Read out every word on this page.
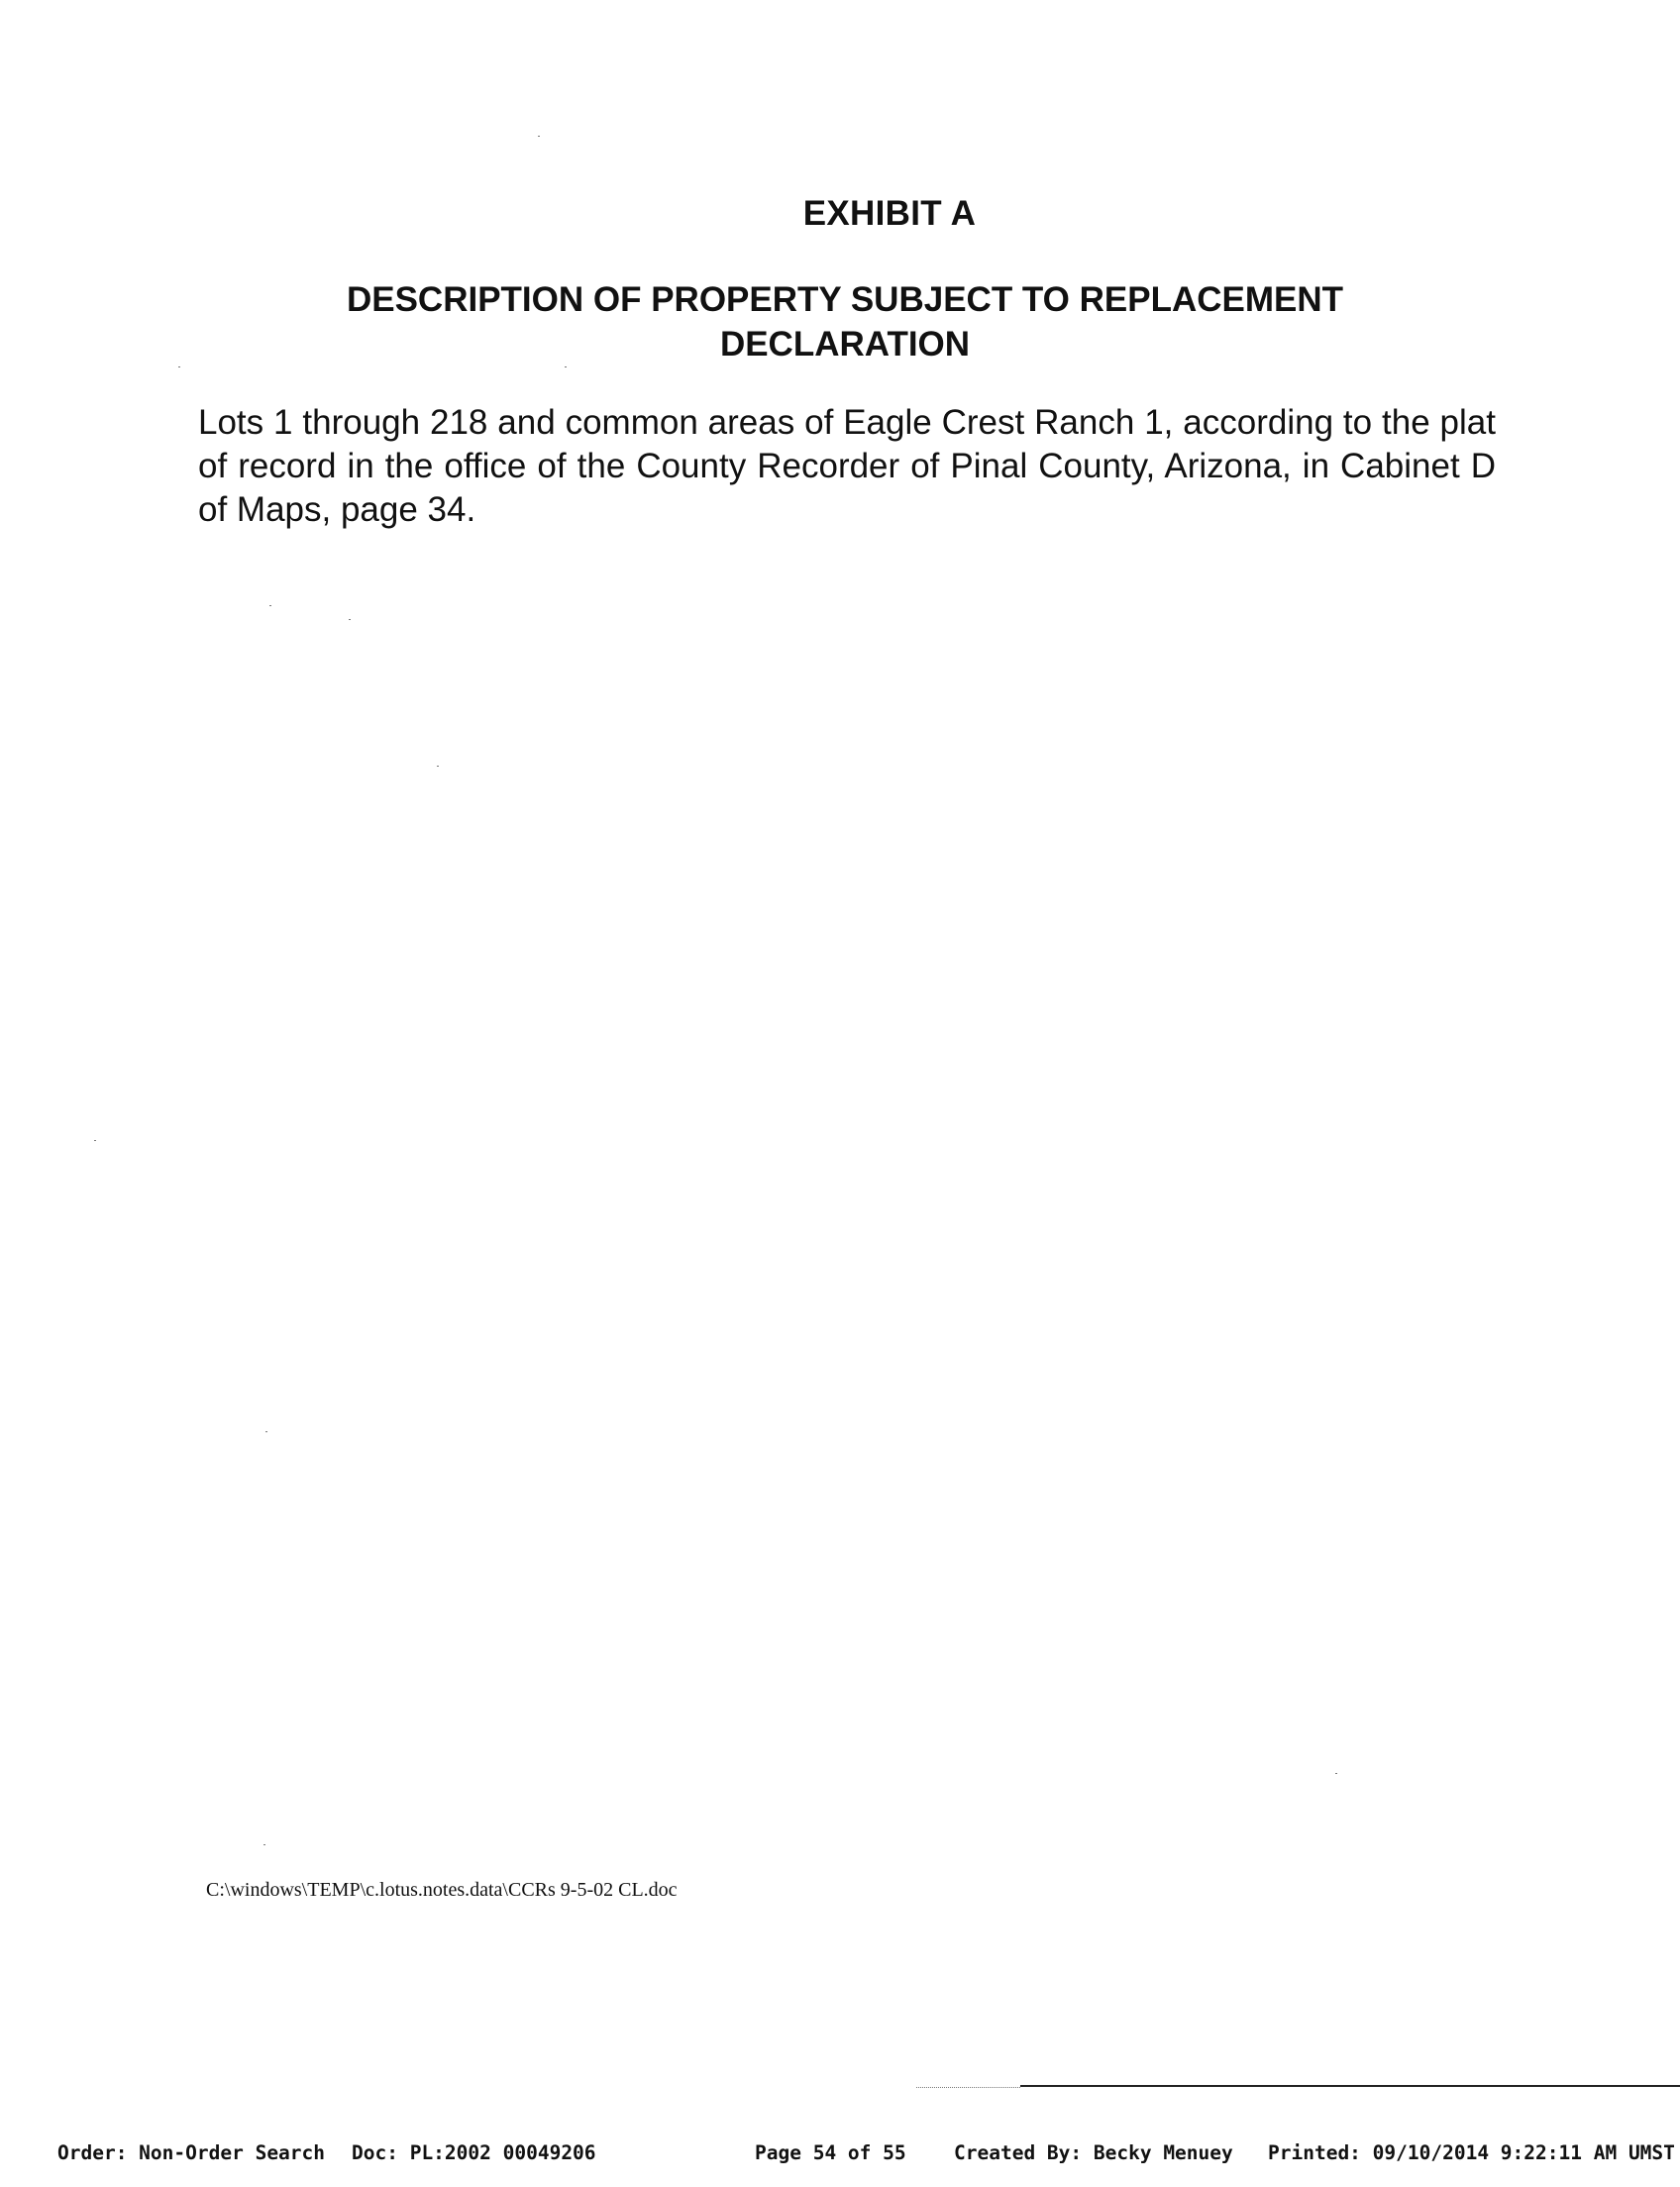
EXHIBIT A
DESCRIPTION OF PROPERTY SUBJECT TO REPLACEMENT
DECLARATION

Lots 1 through 218 and common areas of Eagle Crest Ranch 1, according to the plat of record in the office of the County Recorder of Pinal County, Arizona, in Cabinet D of Maps, page 34.

C:\windows\TEMP\c.lotus.notes.data\CCRs 9-5-02 CL.doc

Order: Non-Order Search Doc: PL:2002 00049206	Page 54 of 55 Created By: Becky Menuey Printed: 09/10/2014 9:22:11 AM UMST
